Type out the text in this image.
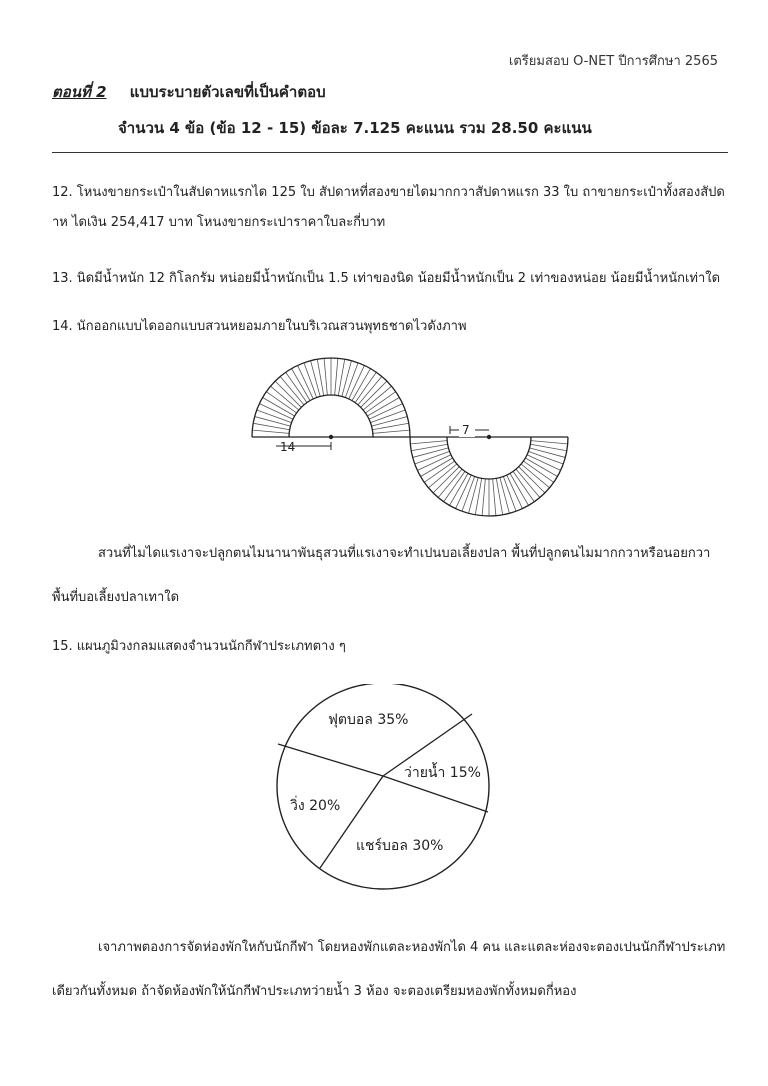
เตรียมสอบ O-NET ปีการศึกษา 2565
ตอนที่ 2 แบบระบายตัวเลขที่เป็นคำตอบ
จำนวน 4 ข้อ (ข้อ 12 - 15) ข้อละ 7.125 คะแนน รวม 28.50 คะแนน
12. โหนงขายกระเป๋าในสัปดาหแรกได 125 ใบ สัปดาหที่สองขายไดมากกวาสัปดาหแรก 33 ใบ ถาขายกระเป๋าทั้งสองสัปดาห ไดเงิน 254,417 บาท โหนงขายกระเปาราคาใบละกี่บาท
13. นิดมีน้ำหนัก 12 กิโลกรัม หน่อยมีน้ำหนักเป็น 1.5 เท่าของนิด น้อยมีน้ำหนักเป็น 2 เท่าของหน่อย น้อยมีน้ำหนักเท่าใด
14. นักออกแบบไดออกแบบสวนหยอมภายในบริเวณสวนพุทธชาดไวดังภาพ
14
7
สวนที่ไมไดแรเงาจะปลูกตนไมนานาพันธุสวนที่แรเงาจะทำเปนบอเลี้ยงปลา พื้นที่ปลูกตนไมมากกวาหรือนอยกวาพื้นที่บอเลี้ยงปลาเทาใด
15. แผนภูมิวงกลมแสดงจำนวนนักกีฬาประเภทตาง ๆ
ฟุตบอล 35%
ว่ายน้ำ 15%
แชร์บอล 30%
วิ่ง 20%
เจาภาพตองการจัดห่องพักใหกับนักกีฬา โดยหองพักแตละหองพักได 4 คน และแตละห่องจะตองเปนนักกีฬาประเภทเดียวกันทั้งหมด ถ้าจัดห้องพักให้นักกีฬาประเภทว่ายน้ำ 3 ห้อง จะตองเตรียมหองพักทั้งหมดกี่หอง
